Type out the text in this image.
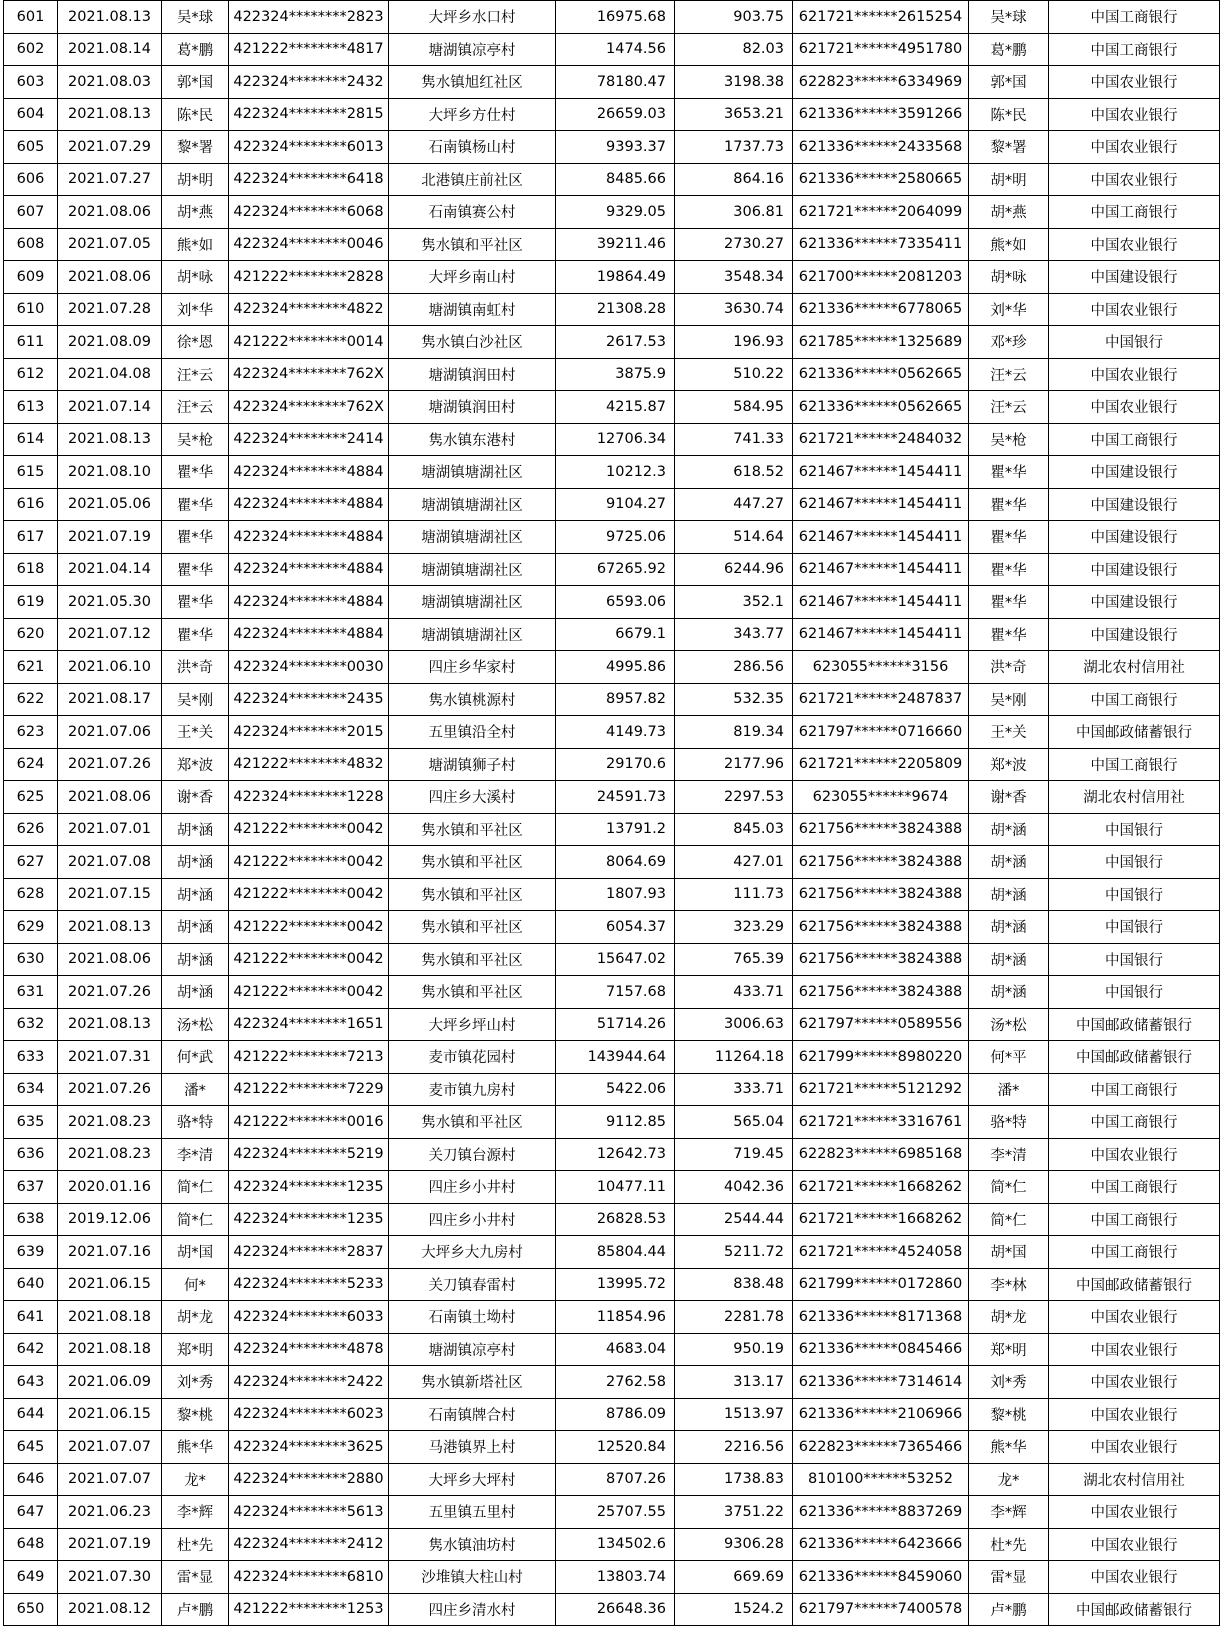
601	2021.08.13	吴*球	422324********2823	大坪乡水口村	16975.68	903.75	621721******2615254	吴*球	中国工商银行
602	2021.08.14	葛*鹏	421222********4817	塘湖镇凉亭村	1474.56	82.03	621721******4951780	葛*鹏	中国工商银行
603	2021.08.03	郭*国	422324********2432	隽水镇旭红社区	78180.47	3198.38	622823******6334969	郭*国	中国农业银行
604	2021.08.13	陈*民	422324********2815	大坪乡方仕村	26659.03	3653.21	621336******3591266	陈*民	中国农业银行
605	2021.07.29	黎*署	422324********6013	石南镇杨山村	9393.37	1737.73	621336******2433568	黎*署	中国农业银行
606	2021.07.27	胡*明	422324********6418	北港镇庄前社区	8485.66	864.16	621336******2580665	胡*明	中国农业银行
607	2021.08.06	胡*燕	422324********6068	石南镇赛公村	9329.05	306.81	621721******2064099	胡*燕	中国工商银行
608	2021.07.05	熊*如	422324********0046	隽水镇和平社区	39211.46	2730.27	621336******7335411	熊*如	中国农业银行
609	2021.08.06	胡*咏	421222********2828	大坪乡南山村	19864.49	3548.34	621700******2081203	胡*咏	中国建设银行
610	2021.07.28	刘*华	422324********4822	塘湖镇南虹村	21308.28	3630.74	621336******6778065	刘*华	中国农业银行
611	2021.08.09	徐*恩	421222********0014	隽水镇白沙社区	2617.53	196.93	621785******1325689	邓*珍	中国银行
612	2021.04.08	汪*云	422324********762X	塘湖镇润田村	3875.9	510.22	621336******0562665	汪*云	中国农业银行
613	2021.07.14	汪*云	422324********762X	塘湖镇润田村	4215.87	584.95	621336******0562665	汪*云	中国农业银行
614	2021.08.13	吴*枪	422324********2414	隽水镇东港村	12706.34	741.33	621721******2484032	吴*枪	中国工商银行
615	2021.08.10	瞿*华	422324********4884	塘湖镇塘湖社区	10212.3	618.52	621467******1454411	瞿*华	中国建设银行
616	2021.05.06	瞿*华	422324********4884	塘湖镇塘湖社区	9104.27	447.27	621467******1454411	瞿*华	中国建设银行
617	2021.07.19	瞿*华	422324********4884	塘湖镇塘湖社区	9725.06	514.64	621467******1454411	瞿*华	中国建设银行
618	2021.04.14	瞿*华	422324********4884	塘湖镇塘湖社区	67265.92	6244.96	621467******1454411	瞿*华	中国建设银行
619	2021.05.30	瞿*华	422324********4884	塘湖镇塘湖社区	6593.06	352.1	621467******1454411	瞿*华	中国建设银行
620	2021.07.12	瞿*华	422324********4884	塘湖镇塘湖社区	6679.1	343.77	621467******1454411	瞿*华	中国建设银行
621	2021.06.10	洪*奇	422324********0030	四庄乡华家村	4995.86	286.56	623055******3156	洪*奇	湖北农村信用社
622	2021.08.17	吴*刚	422324********2435	隽水镇桃源村	8957.82	532.35	621721******2487837	吴*刚	中国工商银行
623	2021.07.06	王*关	422324********2015	五里镇沿全村	4149.73	819.34	621797******0716660	王*关	中国邮政储蓄银行
624	2021.07.26	郑*波	421222********4832	塘湖镇狮子村	29170.6	2177.96	621721******2205809	郑*波	中国工商银行
625	2021.08.06	谢*香	422324********1228	四庄乡大溪村	24591.73	2297.53	623055******9674	谢*香	湖北农村信用社
626	2021.07.01	胡*涵	421222********0042	隽水镇和平社区	13791.2	845.03	621756******3824388	胡*涵	中国银行
627	2021.07.08	胡*涵	421222********0042	隽水镇和平社区	8064.69	427.01	621756******3824388	胡*涵	中国银行
628	2021.07.15	胡*涵	421222********0042	隽水镇和平社区	1807.93	111.73	621756******3824388	胡*涵	中国银行
629	2021.08.13	胡*涵	421222********0042	隽水镇和平社区	6054.37	323.29	621756******3824388	胡*涵	中国银行
630	2021.08.06	胡*涵	421222********0042	隽水镇和平社区	15647.02	765.39	621756******3824388	胡*涵	中国银行
631	2021.07.26	胡*涵	421222********0042	隽水镇和平社区	7157.68	433.71	621756******3824388	胡*涵	中国银行
632	2021.08.13	汤*松	422324********1651	大坪乡坪山村	51714.26	3006.63	621797******0589556	汤*松	中国邮政储蓄银行
633	2021.07.31	何*武	421222********7213	麦市镇花园村	143944.64	11264.18	621799******8980220	何*平	中国邮政储蓄银行
634	2021.07.26	潘*	421222********7229	麦市镇九房村	5422.06	333.71	621721******5121292	潘*	中国工商银行
635	2021.08.23	骆*特	421222********0016	隽水镇和平社区	9112.85	565.04	621721******3316761	骆*特	中国工商银行
636	2021.08.23	李*清	422324********5219	关刀镇台源村	12642.73	719.45	622823******6985168	李*清	中国农业银行
637	2020.01.16	简*仁	422324********1235	四庄乡小井村	10477.11	4042.36	621721******1668262	简*仁	中国工商银行
638	2019.12.06	简*仁	422324********1235	四庄乡小井村	26828.53	2544.44	621721******1668262	简*仁	中国工商银行
639	2021.07.16	胡*国	422324********2837	大坪乡大九房村	85804.44	5211.72	621721******4524058	胡*国	中国工商银行
640	2021.06.15	何*	422324********5233	关刀镇春雷村	13995.72	838.48	621799******0172860	李*林	中国邮政储蓄银行
641	2021.08.18	胡*龙	422324********6033	石南镇土坳村	11854.96	2281.78	621336******8171368	胡*龙	中国农业银行
642	2021.08.18	郑*明	422324********4878	塘湖镇凉亭村	4683.04	950.19	621336******0845466	郑*明	中国农业银行
643	2021.06.09	刘*秀	422324********2422	隽水镇新塔社区	2762.58	313.17	621336******7314614	刘*秀	中国农业银行
644	2021.06.15	黎*桃	422324********6023	石南镇牌合村	8786.09	1513.97	621336******2106966	黎*桃	中国农业银行
645	2021.07.07	熊*华	422324********3625	马港镇界上村	12520.84	2216.56	622823******7365466	熊*华	中国农业银行
646	2021.07.07	龙*	422324********2880	大坪乡大坪村	8707.26	1738.83	810100******53252	龙*	湖北农村信用社
647	2021.06.23	李*辉	422324********5613	五里镇五里村	25707.55	3751.22	621336******8837269	李*辉	中国农业银行
648	2021.07.19	杜*先	422324********2412	隽水镇油坊村	134502.6	9306.28	621336******6423666	杜*先	中国农业银行
649	2021.07.30	雷*显	422324********6810	沙堆镇大柱山村	13803.74	669.69	621336******8459060	雷*显	中国农业银行
650	2021.08.12	卢*鹏	421222********1253	四庄乡清水村	26648.36	1524.2	621797******7400578	卢*鹏	中国邮政储蓄银行
